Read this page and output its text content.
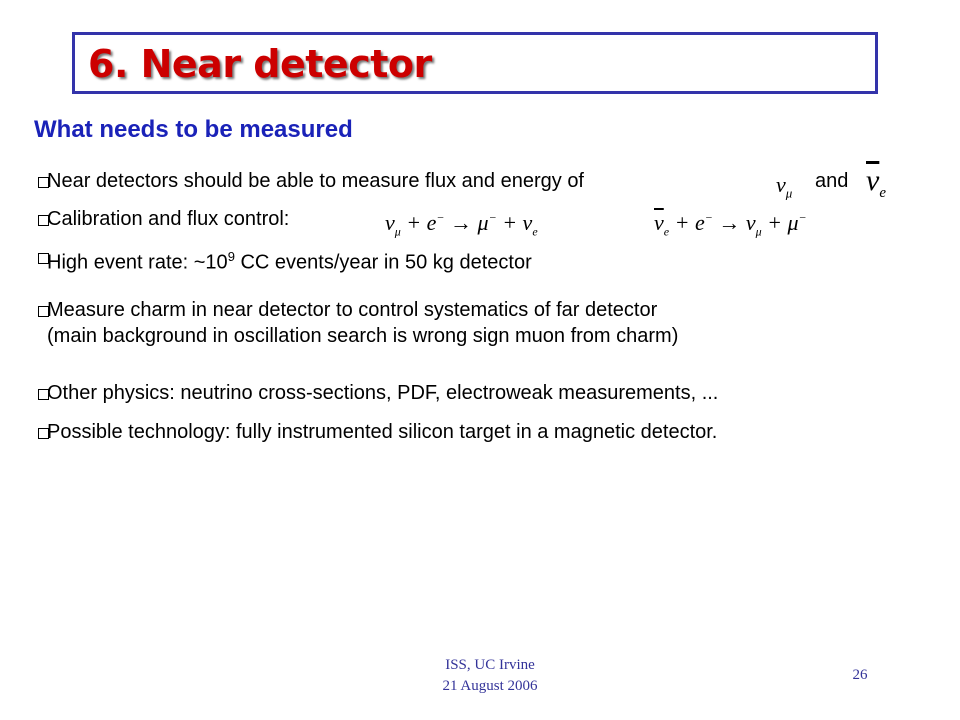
6. Near detector
What needs to be measured
Near detectors should be able to measure flux and energy of	$\nu_\mu$
and $\overline{\nu}_e$
Calibration and flux control:	$\nu_\mu + e^- \to \mu^- + \nu_e$	$\overline{\nu}_e + e^- \to \nu_\mu + \mu^-$
High event rate: $\sim 10^9$ CC events/year in 50 kg detector
Measure charm in near detector to control systematics of far detector
(main background in oscillation search is wrong sign muon from charm)
Other physics: neutrino cross-sections, PDF, electroweak measurements, ...
Possible technology: fully instrumented silicon target in a magnetic detector.
ISS, UC Irvine
21 August 2006
26
